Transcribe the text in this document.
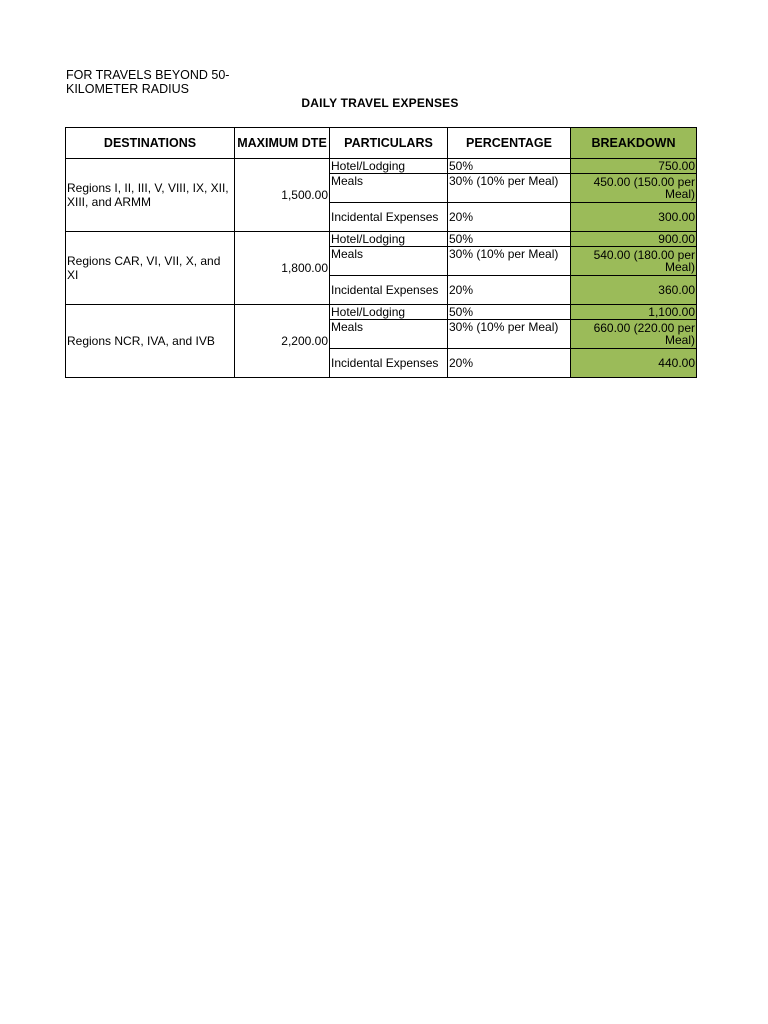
FOR TRAVELS BEYOND 50-
KILOMETER RADIUS
DAILY TRAVEL EXPENSES
DESTINATIONS	MAXIMUM DTE	PARTICULARS	PERCENTAGE	BREAKDOWN
Regions I, II, III, V, VIII, IX, XII, XIII, and ARMM	1,500.00	Hotel/Lodging	50%	750.00
		Meals	30% (10% per Meal)	450.00 (150.00 per Meal)
		Incidental Expenses	20%	300.00
Regions CAR, VI, VII, X, and XI	1,800.00	Hotel/Lodging	50%	900.00
		Meals	30% (10% per Meal)	540.00 (180.00 per Meal)
		Incidental Expenses	20%	360.00
Regions NCR, IVA, and IVB	2,200.00	Hotel/Lodging	50%	1,100.00
		Meals	30% (10% per Meal)	660.00 (220.00 per Meal)
		Incidental Expenses	20%	440.00
